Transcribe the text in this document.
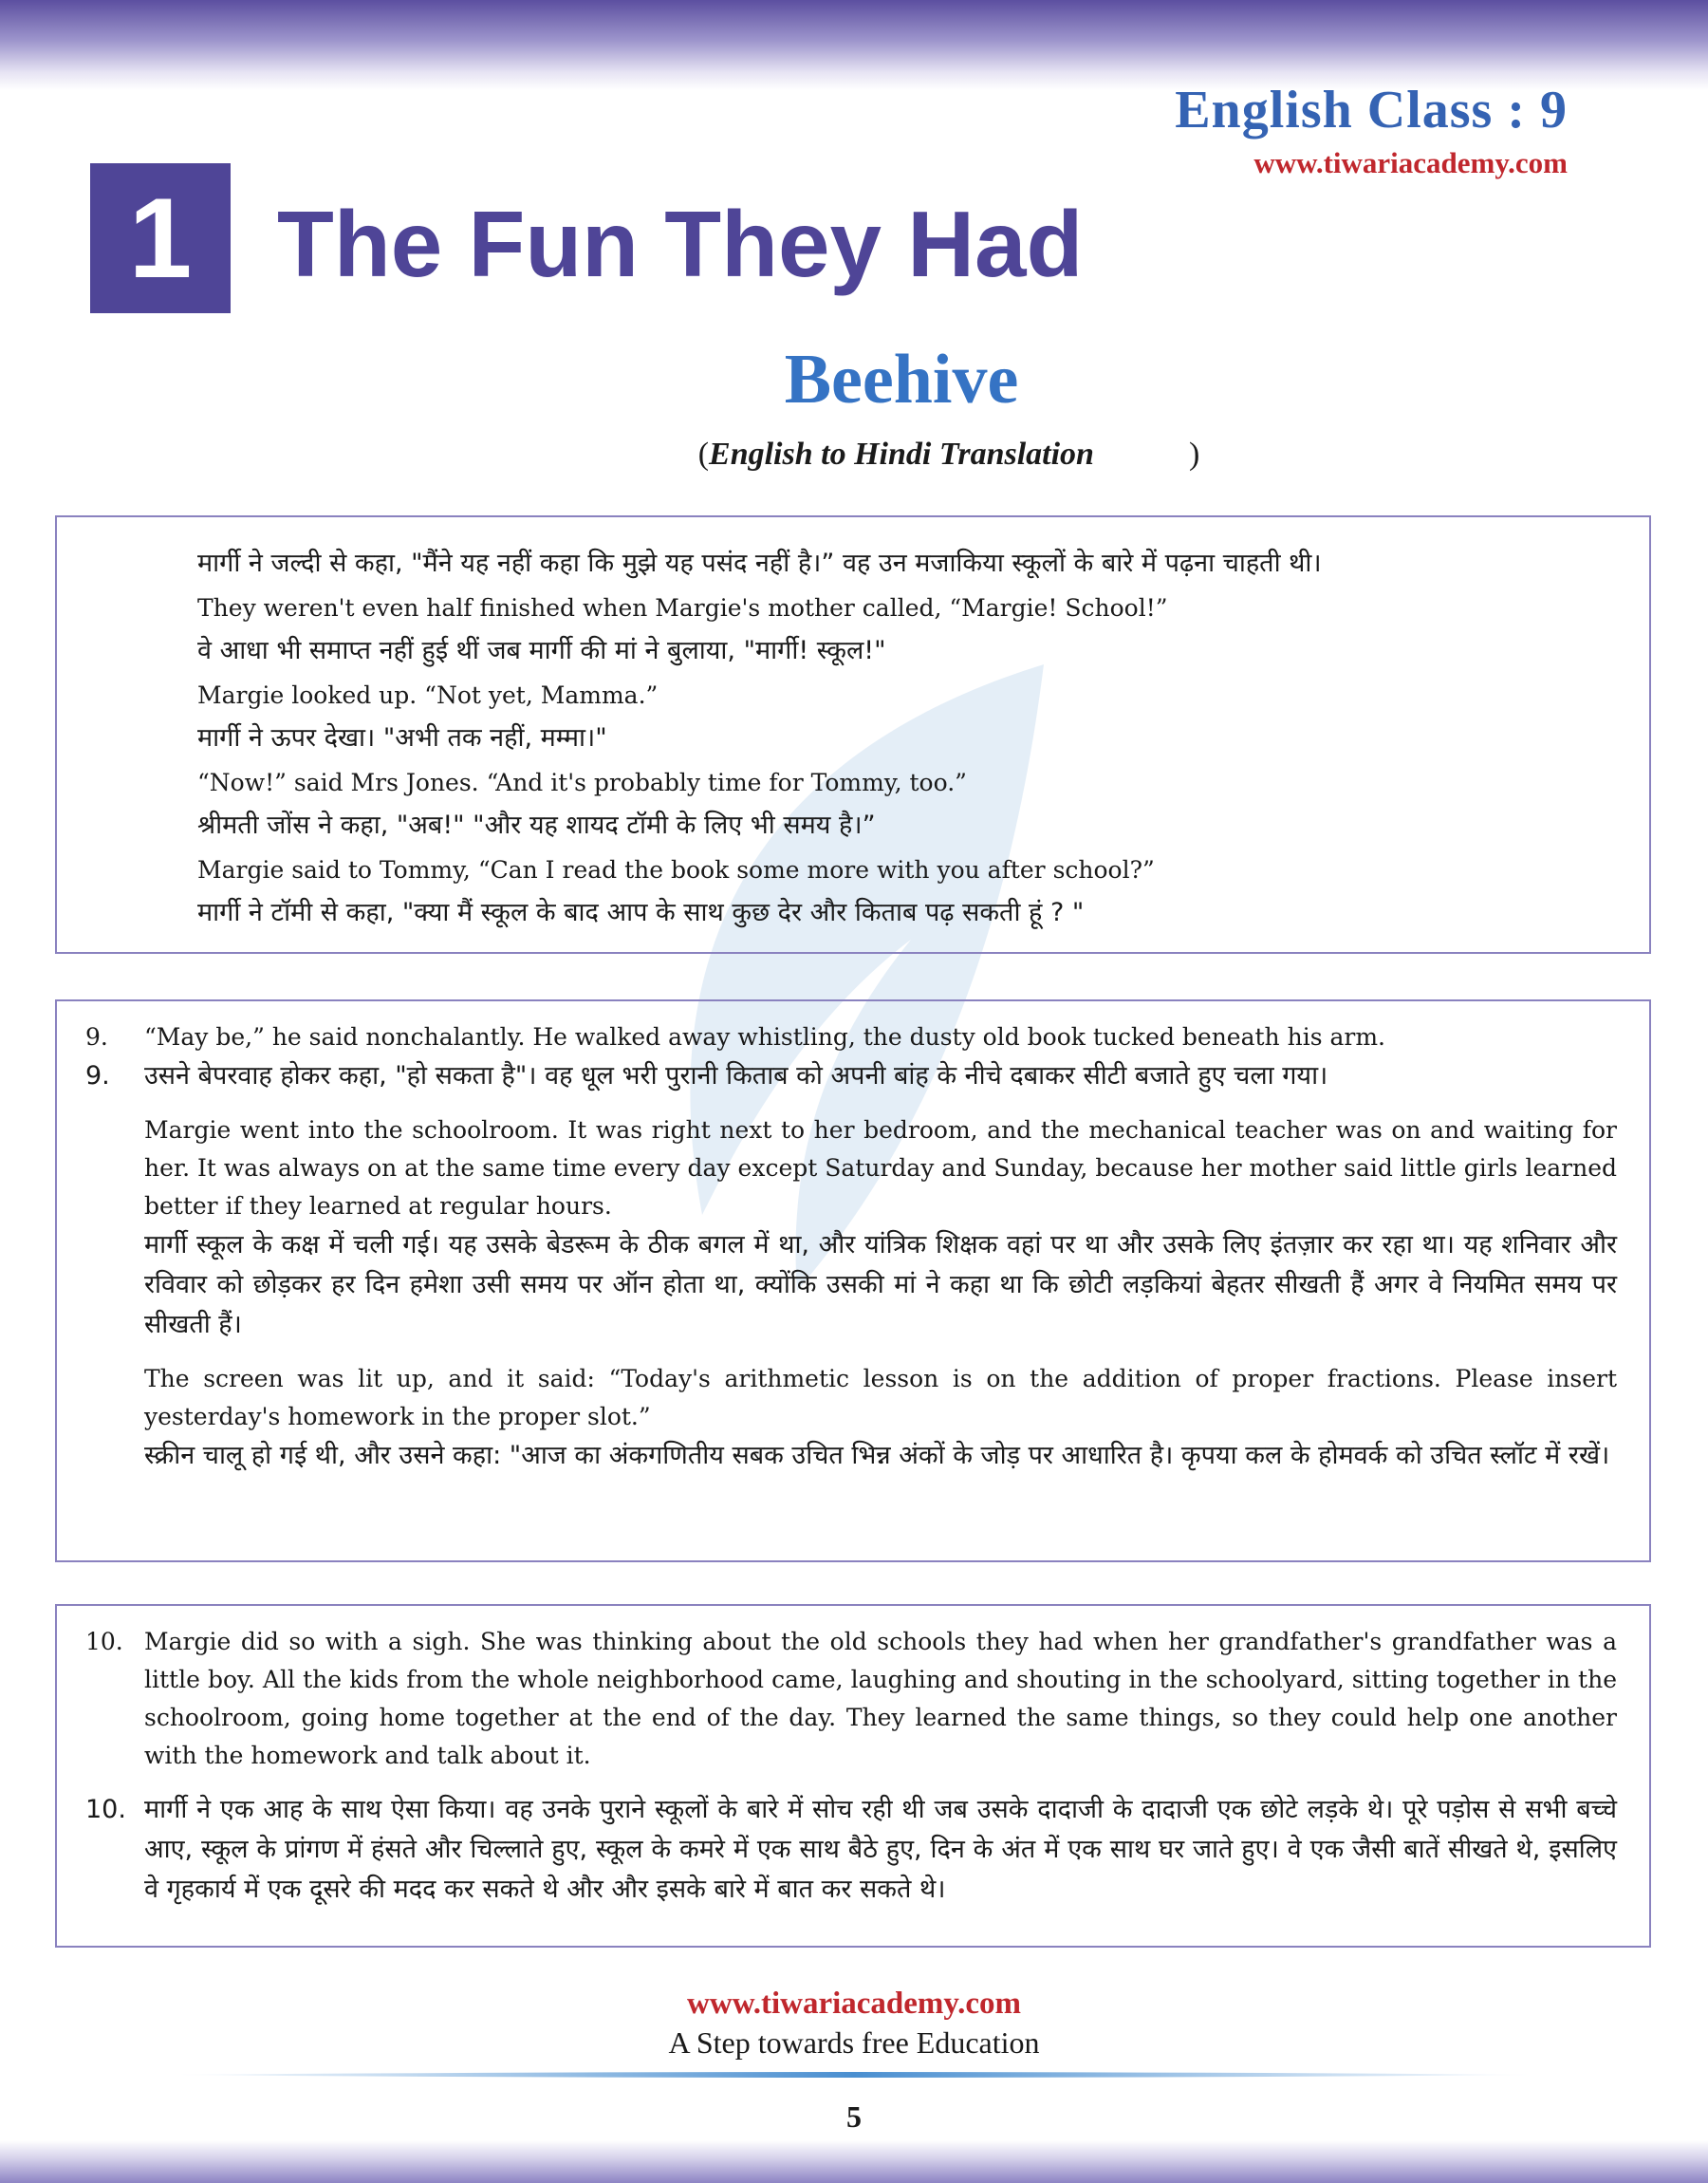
English Class : 9
www.tiwariacademy.com
1 The Fun They Had
Beehive
(English to Hindi Translation	)
मार्गी ने जल्दी से कहा, "मैंने यह नहीं कहा कि मुझे यह पसंद नहीं है।” वह उन मजाकिया स्कूलों के बारे में पढ़ना चाहती थी।
They weren't even half finished when Margie's mother called, “Margie! School!”
वे आधा भी समाप्त नहीं हुई थीं जब मार्गी की मां ने बुलाया, "मार्गी! स्कूल!"
Margie looked up. “Not yet, Mamma.”
मार्गी ने ऊपर देखा। "अभी तक नहीं, मम्मा।"
“Now!” said Mrs Jones. “And it's probably time for Tommy, too.”
श्रीमती जोंस ने कहा, "अब!" "और यह शायद टॉमी के लिए भी समय है।”
Margie said to Tommy, “Can I read the book some more with you after school?”
मार्गी ने टॉमी से कहा, "क्या मैं स्कूल के बाद आप के साथ कुछ देर और किताब पढ़ सकती हूं ? "
9. “May be,” he said nonchalantly. He walked away whistling, the dusty old book tucked beneath his arm.
9. उसने बेपरवाह होकर कहा, "हो सकता है"। वह धूल भरी पुरानी किताब को अपनी बांह के नीचे दबाकर सीटी बजाते हुए चला गया।
Margie went into the schoolroom. It was right next to her bedroom, and the mechanical teacher was on and waiting for her. It was always on at the same time every day except Saturday and Sunday, because her mother said little girls learned better if they learned at regular hours.
मार्गी स्कूल के कक्ष में चली गई। यह उसके बेडरूम के ठीक बगल में था, और यांत्रिक शिक्षक वहां पर था और उसके लिए इंतज़ार कर रहा था। यह शनिवार और रविवार को छोड़कर हर दिन हमेशा उसी समय पर ऑन होता था, क्योंकि उसकी मां ने कहा था कि छोटी लड़कियां बेहतर सीखती हैं अगर वे नियमित समय पर सीखती हैं।
The screen was lit up, and it said: “Today's arithmetic lesson is on the addition of proper fractions. Please insert yesterday's homework in the proper slot.”
स्क्रीन चालू हो गई थी, और उसने कहा: "आज का अंकगणितीय सबक उचित भिन्न अंकों के जोड़ पर आधारित है। कृपया कल के होमवर्क को उचित स्लॉट में रखें।
10. Margie did so with a sigh. She was thinking about the old schools they had when her grandfather's grandfather was a little boy. All the kids from the whole neighborhood came, laughing and shouting in the schoolyard, sitting together in the schoolroom, going home together at the end of the day. They learned the same things, so they could help one another with the homework and talk about it.
10. मार्गी ने एक आह के साथ ऐसा किया। वह उनके पुराने स्कूलों के बारे में सोच रही थी जब उसके दादाजी के दादाजी एक छोटे लड़के थे। पूरे पड़ोस से सभी बच्चे आए, स्कूल के प्रांगण में हंसते और चिल्लाते हुए, स्कूल के कमरे में एक साथ बैठे हुए, दिन के अंत में एक साथ घर जाते हुए। वे एक जैसी बातें सीखते थे, इसलिए वे गृहकार्य में एक दूसरे की मदद कर सकते थे और और इसके बारे में बात कर सकते थे।
www.tiwariacademy.com
A Step towards free Education
5
